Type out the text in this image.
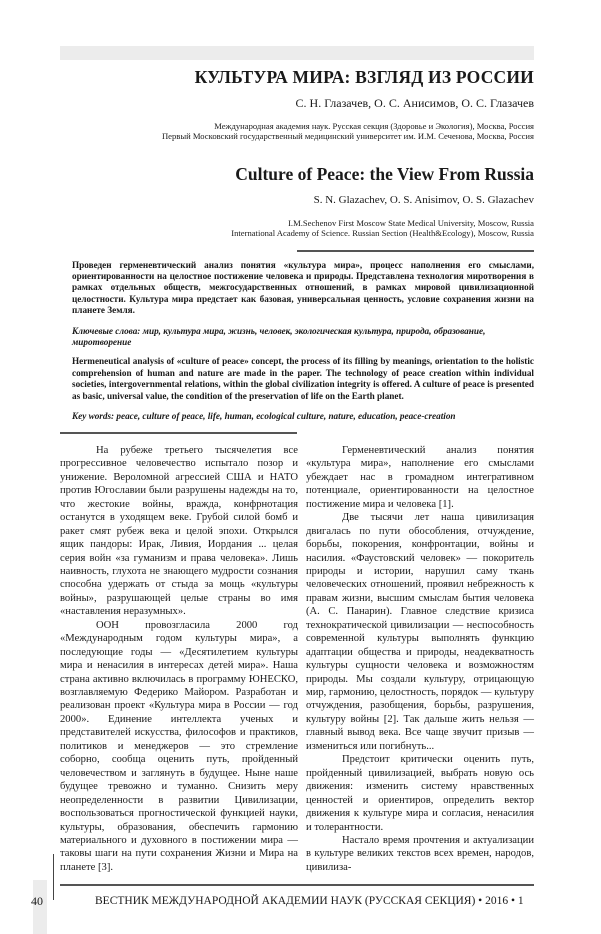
КУЛЬТУРА МИРА: ВЗГЛЯД ИЗ РОССИИ
С. Н. Глазачев, О. С. Анисимов, О. С. Глазачев
Международная академия наук. Русская секция (Здоровье и Экология), Москва, Россия
Первый Московский государственный медицинский университет им. И.М. Сеченова, Москва, Россия
Culture of Peace: the View From Russia
S. N. Glazachev, O. S. Anisimov, O. S. Glazachev
I.M.Sechenov First Moscow State Medical University, Moscow, Russia
International Academy of Science. Russian Section (Health&Ecology), Moscow, Russia
Проведен герменевтический анализ понятия «культура мира», процесс наполнения его смыслами, ориентированности на целостное постижение человека и природы. Представлена технология миротворения в рамках отдельных обществ, межгосударственных отношений, в рамках мировой цивилизационной целостности. Культура мира предстает как базовая, универсальная ценность, условие сохранения жизни на планете Земля.
Ключевые слова: мир, культура мира, жизнь, человек, экологическая культура, природа, образование, миротворение
Hermeneutical analysis of «culture of peace» concept, the process of its filling by meanings, orientation to the holistic comprehension of human and nature are made in the paper. The technology of peace creation within individual societies, intergovernmental relations, within the global civilization integrity is offered. A culture of peace is presented as basic, universal value, the condition of the preservation of life on the Earth planet.
Key words: peace, culture of peace, life, human, ecological culture, nature, education, peace-creation

На рубеже третьего тысячелетия все прогрессивное человечество испытало позор и унижение. Вероломной агрессией США и НАТО против Югославии были разрушены надежды на то, что жестокие войны, вражда, конфрнотация останутся в уходящем веке. Грубой силой бомб и ракет смят рубеж века и целой эпохи. Открылся ящик пандоры: Ирак, Ливия, Иордания ... целая серия войн «за гуманизм и права человека». Лишь наивность, глухота не знающего мудрости сознания способна удержать от стыда за мощь «культуры войны», разрушающей целые страны во имя «наставления неразумных».

ООН провозгласила 2000 год «Международным годом культуры мира», а последующие годы — «Десятилетием культуры мира и ненасилия в интересах детей мира». Наша страна активно включилась в программу ЮНЕСКО, возглавляемую Федерико Майором. Разработан и реализован проект «Культура мира в России — год 2000». Единение интеллекта ученых и представителей искусства, философов и практиков, политиков и менеджеров — это стремление соборно, сообща оценить путь, пройденный человечеством и заглянуть в будущее. Ныне наше будущее тревожно и туманно. Снизить меру неопределенности в развитии Цивилизации, воспользоваться прогностической функцией науки, культуры, образования, обеспечить гармонию материального и духовного в постижении мира — таковы шаги на пути сохранения Жизни и Мира на планете [3].

Герменевтический анализ понятия «культура мира», наполнение его смыслами убеждает нас в громадном интегративном потенциале, ориентированности на целостное постижение мира и человека [1].

Две тысячи лет наша цивилизация двигалась по пути обособления, отчуждение, борьбы, покорения, конфронтации, войны и насилия. «Фаустовский человек» — покоритель природы и истории, нарушил саму ткань человеческих отношений, проявил небрежность к правам жизни, высшим смыслам бытия человека (А. С. Панарин). Главное следствие кризиса технократической цивилизации — неспособность современной культуры выполнять функцию адаптации общества и природы, неадекватность культуры сущности человека и возможностям природы. Мы создали культуру, отрицающую мир, гармонию, целостность, порядок — культуру отчуждения, разобщения, борьбы, разрушения, культуру войны [2]. Так дальше жить нельзя — главный вывод века. Все чаще звучит призыв — измениться или погибнуть...

Предстоит критически оценить путь, пройденный цивилизацией, выбрать новую ось движения: изменить систему нравственных ценностей и ориентиров, определить вектор движения к культуре мира и согласия, ненасилия и толерантности.

Настало время прочтения и актуализации в культуре великих текстов всех времен, народов, цивилиза-

40	ВЕСТНИК МЕЖДУНАРОДНОЙ АКАДЕМИИ НАУК (РУССКАЯ СЕКЦИЯ) • 2016 • 1
